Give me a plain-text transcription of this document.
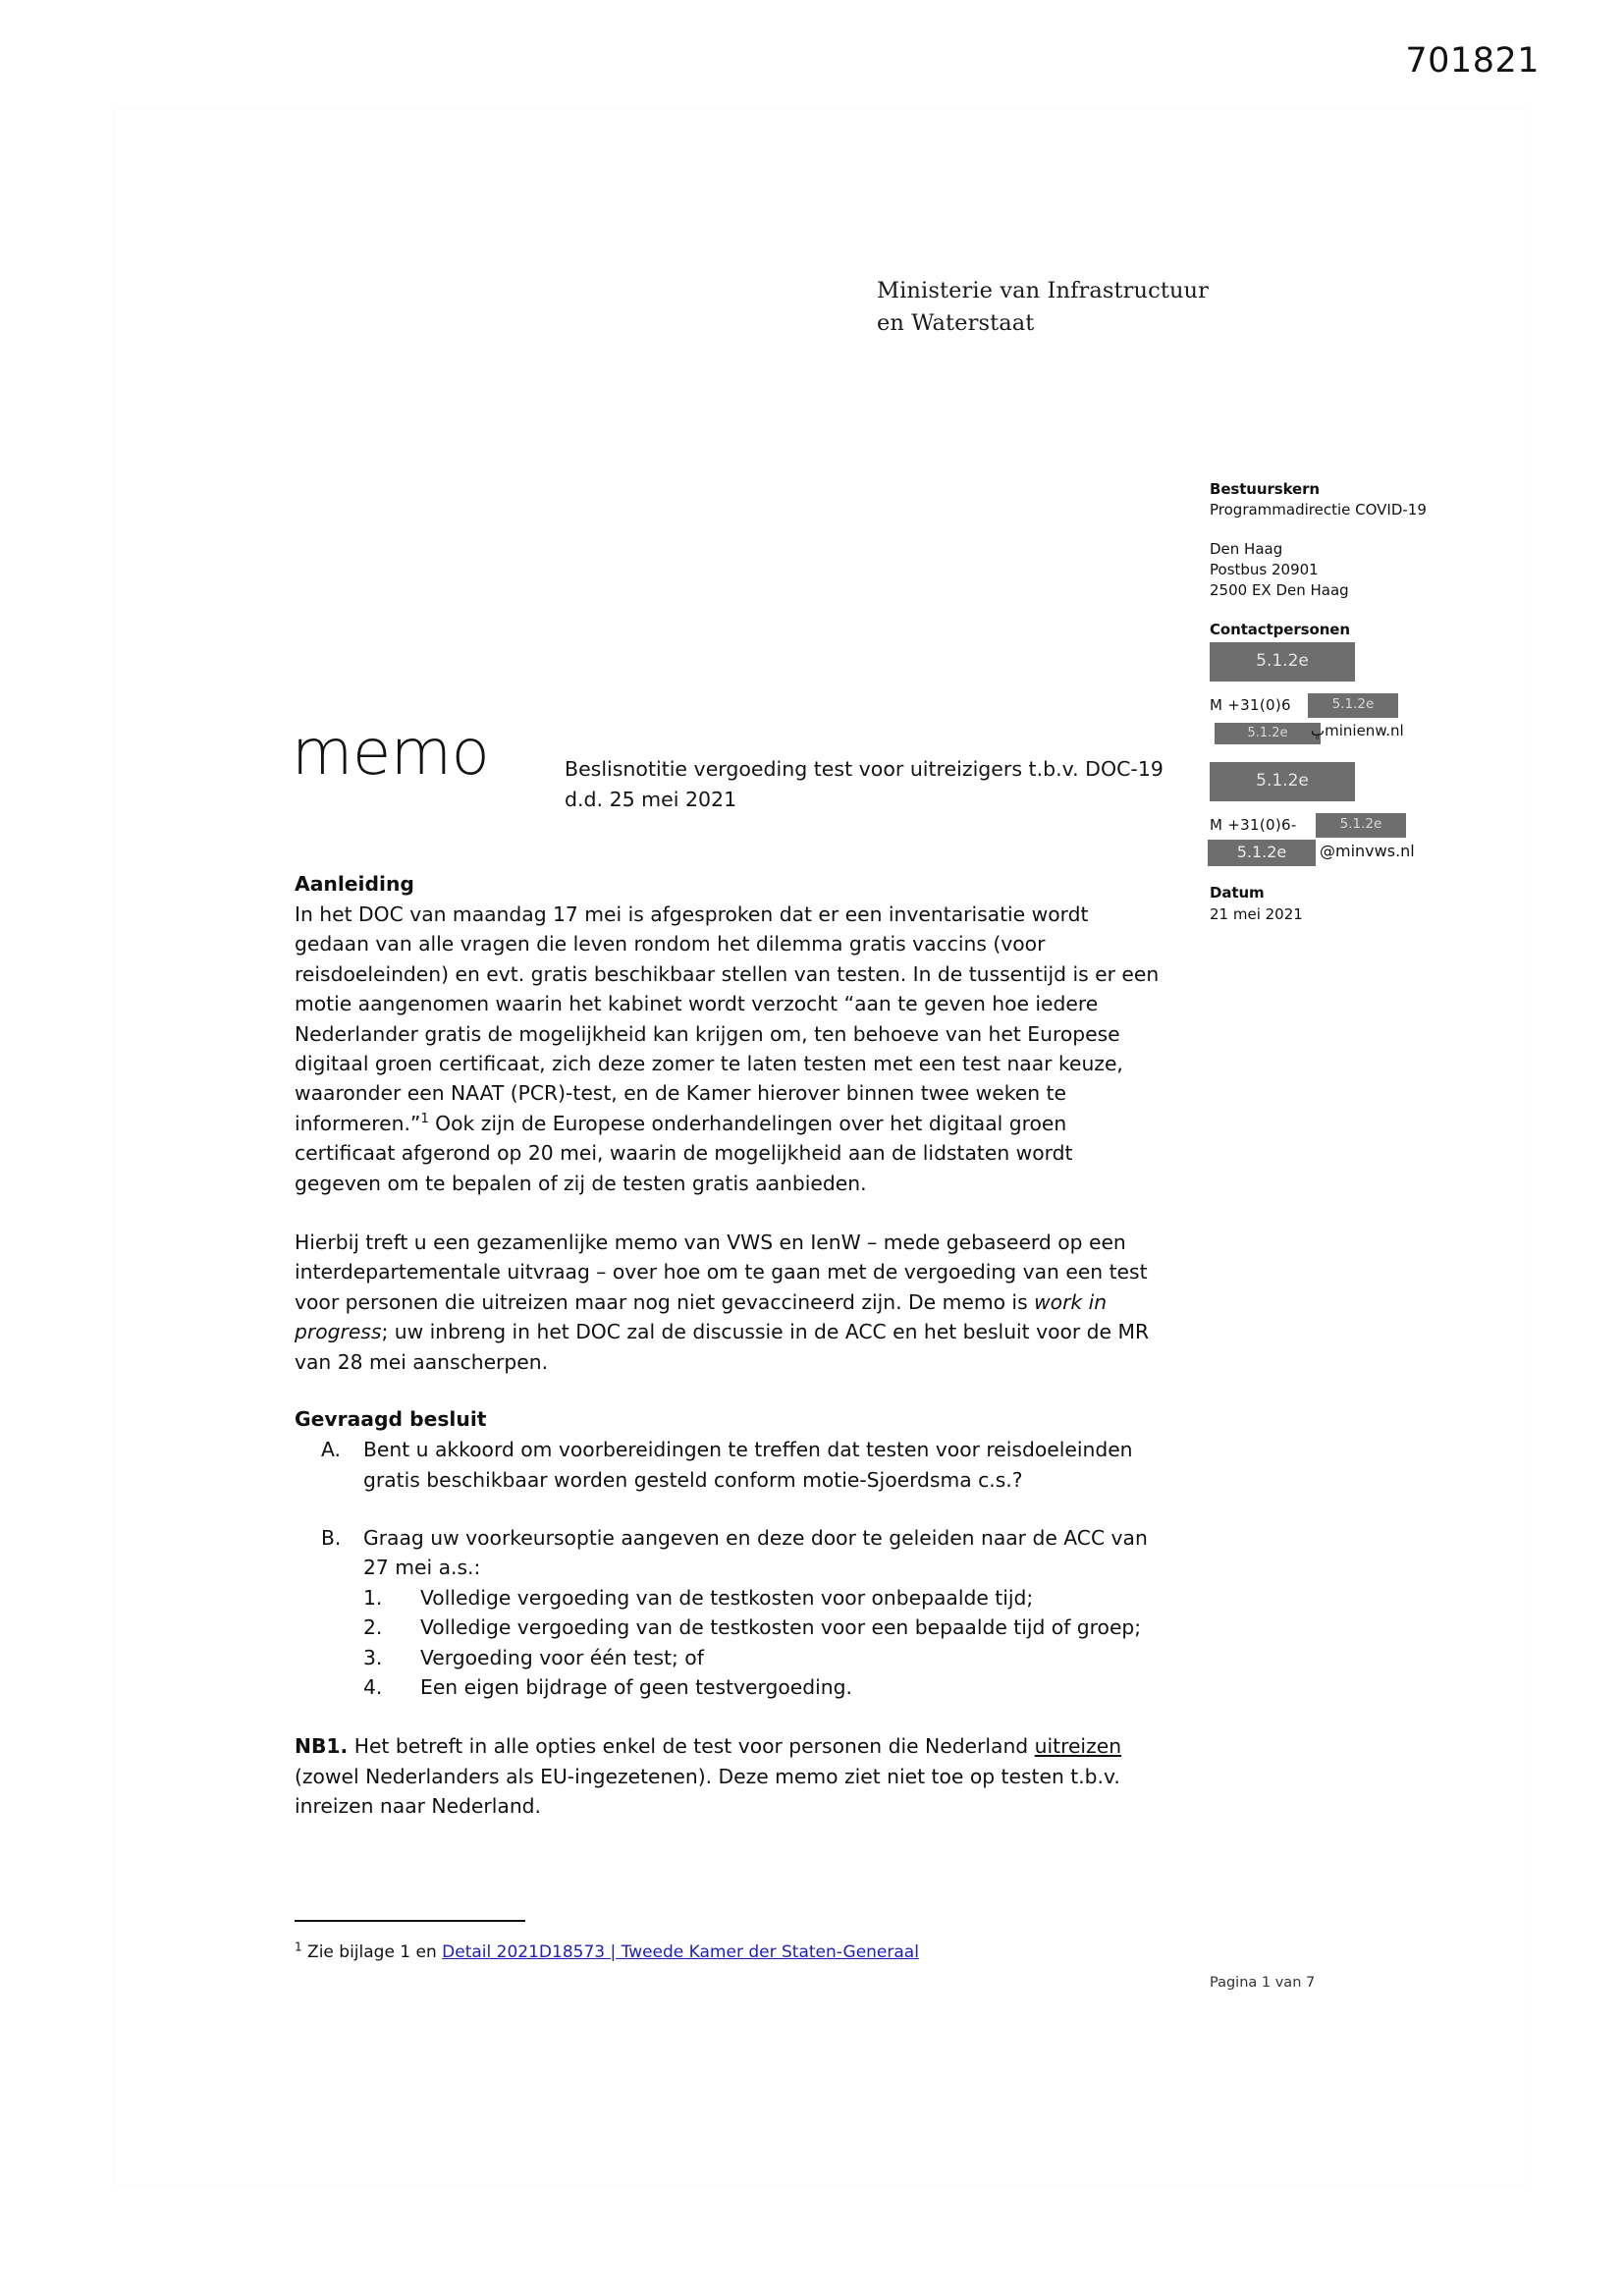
701821
Ministerie van Infrastructuur
en Waterstaat
memo	Beslisnotitie vergoeding test voor uitreizigers t.b.v. DOC-19 d.d. 25 mei 2021
Bestuurskern
Programmadirectie COVID-19
Den Haag
Postbus 20901
2500 EX Den Haag
Contactpersonen
5.1.2e
M +31(0)6	5.1.2e
5.1.2e	ڀminienw.nl
5.1.2e
M +31(0)6-	5.1.2e
5.1.2e	@minvws.nl
Datum
21 mei 2021
Aanleiding

In het DOC van maandag 17 mei is afgesproken dat er een inventarisatie wordt gedaan van alle vragen die leven rondom het dilemma gratis vaccins (voor reisdoeleinden) en evt. gratis beschikbaar stellen van testen. In de tussentijd is er een motie aangenomen waarin het kabinet wordt verzocht “aan te geven hoe iedere Nederlander gratis de mogelijkheid kan krijgen om, ten behoeve van het Europese digitaal groen certificaat, zich deze zomer te laten testen met een test naar keuze, waaronder een NAAT (PCR)-test, en de Kamer hierover binnen twee weken te informeren.”$^1$ Ook zijn de Europese onderhandelingen over het digitaal groen certificaat afgerond op 20 mei, waarin de mogelijkheid aan de lidstaten wordt gegeven om te bepalen of zij de testen gratis aanbieden.

Hierbij treft u een gezamenlijke memo van VWS en IenW – mede gebaseerd op een interdepartementale uitvraag – over hoe om te gaan met de vergoeding van een test voor personen die uitreizen maar nog niet gevaccineerd zijn. De memo is work in progress; uw inbreng in het DOC zal de discussie in de ACC en het besluit voor de MR van 28 mei aanscherpen.

Gevraagd besluit
A.	Bent u akkoord om voorbereidingen te treffen dat testen voor reisdoeleinden gratis beschikbaar worden gesteld conform motie-Sjoerdsma c.s.?
B.	Graag uw voorkeursoptie aangeven en deze door te geleiden naar de ACC van 27 mei a.s.:
1.	Volledige vergoeding van de testkosten voor onbepaalde tijd;
2.	Volledige vergoeding van de testkosten voor een bepaalde tijd of groep;
3.	Vergoeding voor één test; of
4.	Een eigen bijdrage of geen testvergoeding.

NB1. Het betreft in alle opties enkel de test voor personen die Nederland uitreizen (zowel Nederlanders als EU-ingezetenen). Deze memo ziet niet toe op testen t.b.v. inreizen naar Nederland.

$^1$ Zie bijlage 1 en Detail 2021D18573 | Tweede Kamer der Staten-Generaal
Pagina 1 van 7
